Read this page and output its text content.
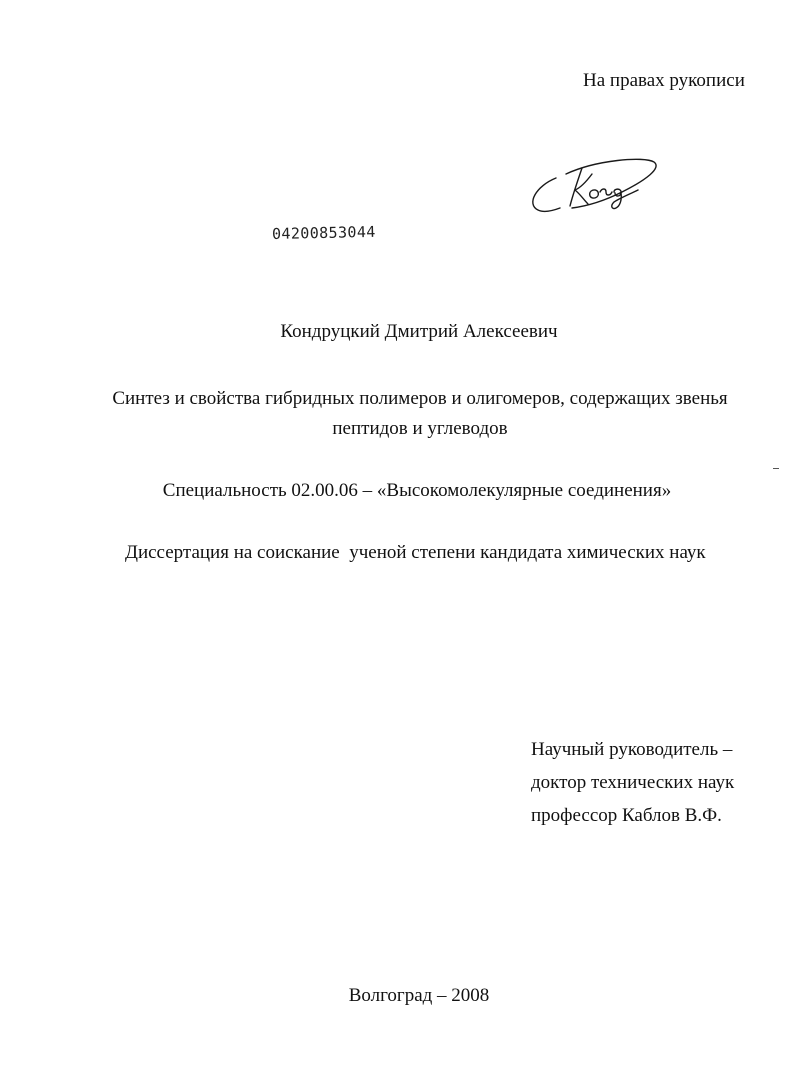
На правах рукописи

04200853044

Кондруцкий Дмитрий Алексеевич

Синтез и свойства гибридных полимеров и олигомеров, содержащих звенья
пептидов и углеводов

Специальность 02.00.06 – «Высокомолекулярные соединения»

Диссертация на соискание  ученой степени кандидата химических наук

Научный руководитель –
доктор технических наук
профессор Каблов В.Ф.

Волгоград – 2008
